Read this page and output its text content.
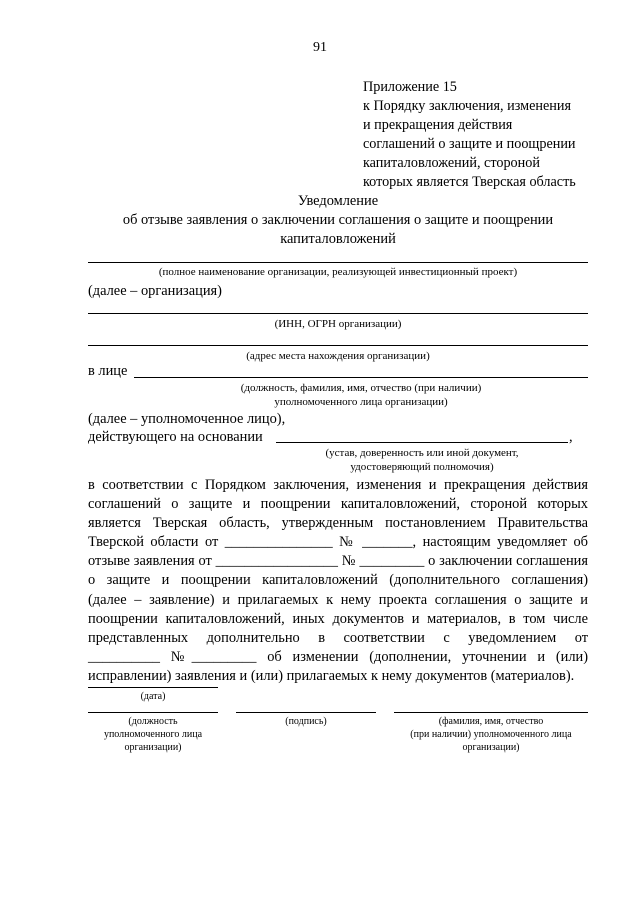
91
Приложение 15
к Порядку заключения, изменения
и прекращения действия
соглашений о защите и поощрении
капиталовложений, стороной
которых является Тверская область
Уведомление
об отзыве заявления о заключении соглашения о защите и поощрении
капиталовложений
(полное наименование организации, реализующей инвестиционный проект)
(далее – организация)
(ИНН, ОГРН организации)
(адрес места нахождения организации)
в лице
(должность, фамилия, имя, отчество (при наличии)
уполномоченного лица организации)
(далее – уполномоченное лицо),
действующего на основании	,
(устав, доверенность или иной документ,
удостоверяющий полномочия)
в соответствии с Порядком заключения, изменения и прекращения действия
соглашений о защите и поощрении капиталовложений, стороной которых
является Тверская область, утвержденным постановлением Правительства
Тверской области от _______________ № _______, настоящим уведомляет об
отзыве заявления от _________________ № _________ о заключении соглашения
о защите и поощрении капиталовложений (дополнительного соглашения)
(далее – заявление) и прилагаемых к нему проекта соглашения о защите и
поощрении капиталовложений, иных документов и материалов, в том числе
представленных дополнительно в соответствии с уведомлением от
__________ №_________ об изменении (дополнении, уточнении и (или)
исправлении) заявления и (или) прилагаемых к нему документов (материалов).
(дата)
(должность
уполномоченного лица
организации)
(подпись)	(фамилия, имя, отчество
(при наличии) уполномоченного лица
организации)
